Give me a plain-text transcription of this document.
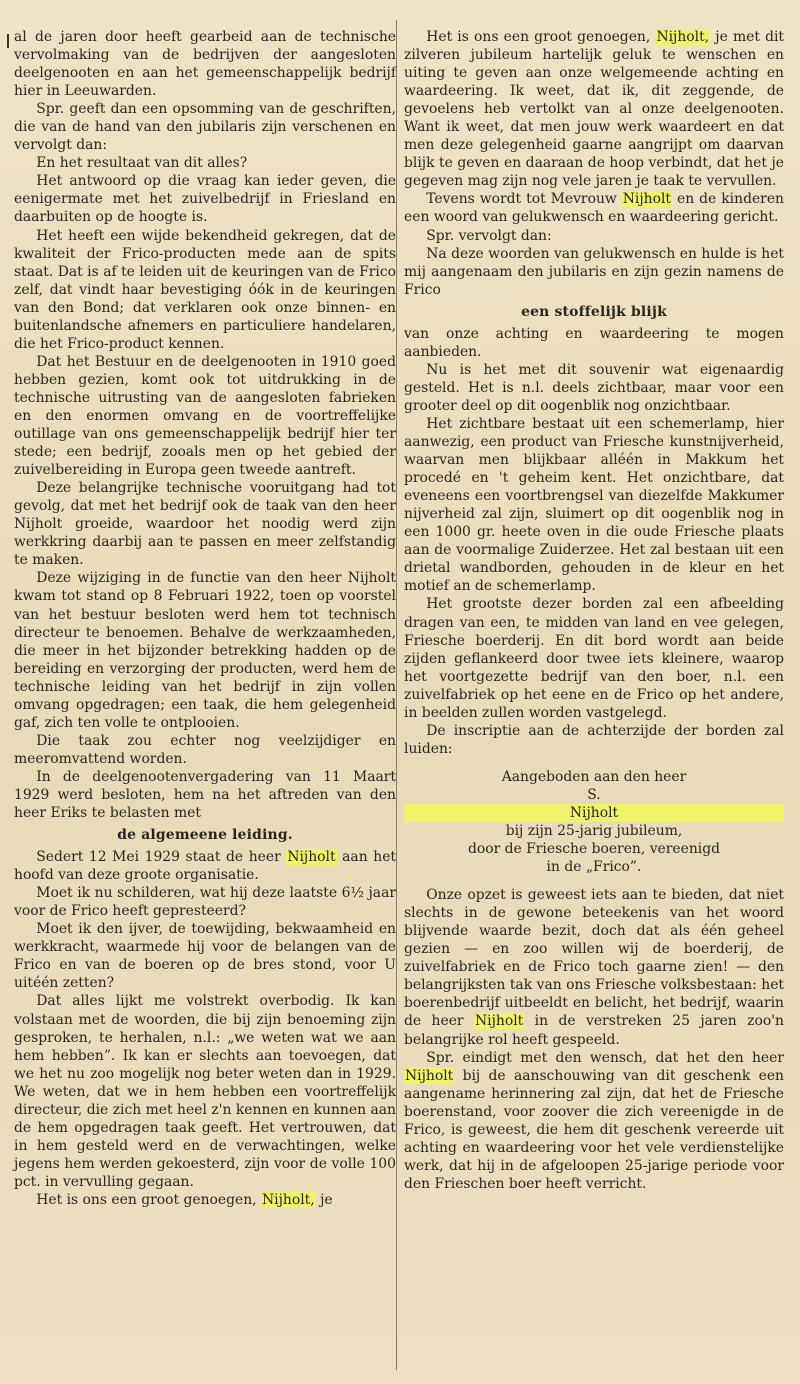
al de jaren door heeft gearbeid aan de technische vervolmaking van de bedrijven der aangesloten deelgenooten en aan het gemeenschappelijk bedrijf hier in Leeuwarden.

Spr. geeft dan een opsomming van de geschriften, die van de hand van den jubilaris zijn verschenen en vervolgt dan:

En het resultaat van dit alles?

Het antwoord op die vraag kan ieder geven, die eenigermate met het zuivelbedrijf in Friesland en daarbuiten op de hoogte is.

Het heeft een wijde bekendheid gekregen, dat de kwaliteit der Frico-producten mede aan de spits staat. Dat is af te leiden uit de keuringen van de Frico zelf, dat vindt haar bevestiging óók in de keuringen van den Bond; dat verklaren ook onze binnen- en buitenlandsche afnemers en particuliere handelaren, die het Frico-product kennen.

Dat het Bestuur en de deelgenooten in 1910 goed hebben gezien, komt ook tot uitdrukking in de technische uitrusting van de aangesloten fabrieken en den enormen omvang en de voortreffelijke outillage van ons gemeenschappelijk bedrijf hier ter stede; een bedrijf, zooals men op het gebied der zuivelbereiding in Europa geen tweede aantreft.

Deze belangrijke technische vooruitgang had tot gevolg, dat met het bedrijf ook de taak van den heer Nijholt groeide, waardoor het noodig werd zijn werkkring daarbij aan te passen en meer zelfstandig te maken.

Deze wijziging in de functie van den heer Nijholt kwam tot stand op 8 Februari 1922, toen op voorstel van het bestuur besloten werd hem tot technisch directeur te benoemen. Behalve de werkzaamheden, die meer in het bijzonder betrekking hadden op de bereiding en verzorging der producten, werd hem de technische leiding van het bedrijf in zijn vollen omvang opgedragen; een taak, die hem gelegenheid gaf, zich ten volle te ontplooien.

Die taak zou echter nog veelzijdiger en meeromvattend worden.

In de deelgenootenvergadering van 11 Maart 1929 werd besloten, hem na het aftreden van den heer Eriks te belasten met

de algemeene leiding.

Sedert 12 Mei 1929 staat de heer Nijholt aan het hoofd van deze groote organisatie.

Moet ik nu schilderen, wat hij deze laatste 6½ jaar voor de Frico heeft gepresteerd?

Moet ik den ijver, de toewijding, bekwaamheid en werkkracht, waarmede hij voor de belangen van de Frico en van de boeren op de bres stond, voor U uitéén zetten?

Dat alles lijkt me volstrekt overbodig. Ik kan volstaan met de woorden, die bij zijn benoeming zijn gesproken, te herhalen, n.l.: „we weten wat we aan hem hebben”. Ik kan er slechts aan toevoegen, dat we het nu zoo mogelijk nog beter weten dan in 1929. We weten, dat we in hem hebben een voortreffelijk directeur, die zich met heel z'n kennen en kunnen aan de hem opgedragen taak geeft. Het vertrouwen, dat in hem gesteld werd en de verwachtingen, welke jegens hem werden gekoesterd, zijn voor de volle 100 pct. in vervulling gegaan.

Het is ons een groot genoegen, Nijholt, je

Het is ons een groot genoegen, Nijholt, je met dit zilveren jubileum hartelijk geluk te wenschen en uiting te geven aan onze welgemeende achting en waardeering. Ik weet, dat ik, dit zeggende, de gevoelens heb vertolkt van al onze deelgenooten. Want ik weet, dat men jouw werk waardeert en dat men deze gelegenheid gaarne aangrijpt om daarvan blijk te geven en daaraan de hoop verbindt, dat het je gegeven mag zijn nog vele jaren je taak te vervullen.

Tevens wordt tot Mevrouw Nijholt en de kinderen een woord van gelukwensch en waardeering gericht.

Spr. vervolgt dan:

Na deze woorden van gelukwensch en hulde is het mij aangenaam den jubilaris en zijn gezin namens de Frico

een stoffelijk blijk

van onze achting en waardeering te mogen aanbieden.

Nu is het met dit souvenir wat eigenaardig gesteld. Het is n.l. deels zichtbaar, maar voor een grooter deel op dit oogenblik nog onzichtbaar.

Het zichtbare bestaat uit een schemerlamp, hier aanwezig, een product van Friesche kunstnijverheid, waarvan men blijkbaar alléén in Makkum het procedé en 't geheim kent. Het onzichtbare, dat eveneens een voortbrengsel van diezelfde Makkumer nijverheid zal zijn, sluimert op dit oogenblik nog in een 1000 gr. heete oven in die oude Friesche plaats aan de voormalige Zuiderzee. Het zal bestaan uit een drietal wandborden, gehouden in de kleur en het motief an de schemerlamp.

Het grootste dezer borden zal een afbeelding dragen van een, te midden van land en vee gelegen, Friesche boerderij. En dit bord wordt aan beide zijden geflankeerd door twee iets kleinere, waarop het voortgezette bedrijf van den boer, n.l. een zuivelfabriek op het eene en de Frico op het andere, in beelden zullen worden vastgelegd.

De inscriptie aan de achterzijde der borden zal luiden:

Aangeboden aan den heer
S.
Nijholt
bij zijn 25-jarig jubileum,
door de Friesche boeren, vereenigd
in de „Frico”.

Onze opzet is geweest iets aan te bieden, dat niet slechts in de gewone beteekenis van het woord blijvende waarde bezit, doch dat als één geheel gezien — en zoo willen wij de boerderij, de zuivelfabriek en de Frico toch gaarne zien! — den belangrijksten tak van ons Friesche volksbestaan: het boerenbedrijf uitbeeldt en belicht, het bedrijf, waarin de heer Nijholt in de verstreken 25 jaren zoo'n belangrijke rol heeft gespeeld.

Spr. eindigt met den wensch, dat het den heer Nijholt bij de aanschouwing van dit geschenk een aangename herinnering zal zijn, dat het de Friesche boerenstand, voor zoover die zich vereenigde in de Frico, is geweest, die hem dit geschenk vereerde uit achting en waardeering voor het vele verdienstelijke werk, dat hij in de afgeloopen 25-jarige periode voor den Frieschen boer heeft verricht.
